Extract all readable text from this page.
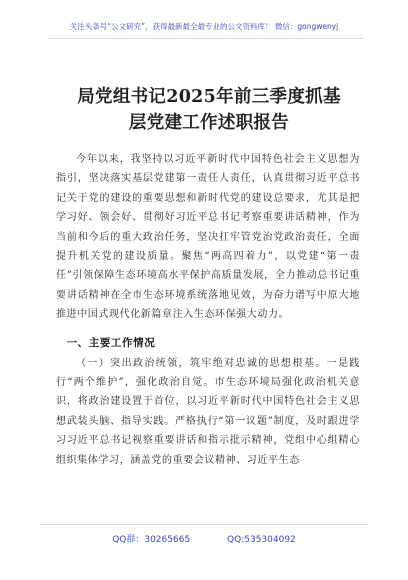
关注头条号“公文研究”，获得最新最全最专业的公文资料库！ 微信：gongwenyj
局党组书记2025年前三季度抓基层党建工作述职报告

今年以来，我坚持以习近平新时代中国特色社会主义思想为指引，坚决落实基层党建第一责任人责任，认真贯彻习近平总书记关于党的建设的重要思想和新时代党的建设总要求，尤其是把学习好、领会好、贯彻好习近平总书记考察重要讲话精神，作为当前和今后的重大政治任务，坚决扛牢管党治党政治责任，全面提升机关党的建设质量。聚焦“两高四着力”，以党建“第一责任”引领保障生态环境高水平保护高质量发展，全力推动总书记重要讲话精神在全市生态环境系统落地见效，为奋力谱写中原大地推进中国式现代化新篇章注入生态环保强大动力。

一、主要工作情况

（一）突出政治统领，筑牢绝对忠诚的思想根基。一是践行“两个维护”，强化政治自觉。市生态环境局强化政治机关意识，将政治建设置于首位，以习近平新时代中国特色社会主义思想武装头脑、指导实践。严格执行“第一议题”制度，及时跟进学习习近平总书记视察重要讲话和指示批示精神，党组中心组精心组织集体学习，涵盖党的重要会议精神、习近平生态

QQ群：30265665	QQ:535304092
